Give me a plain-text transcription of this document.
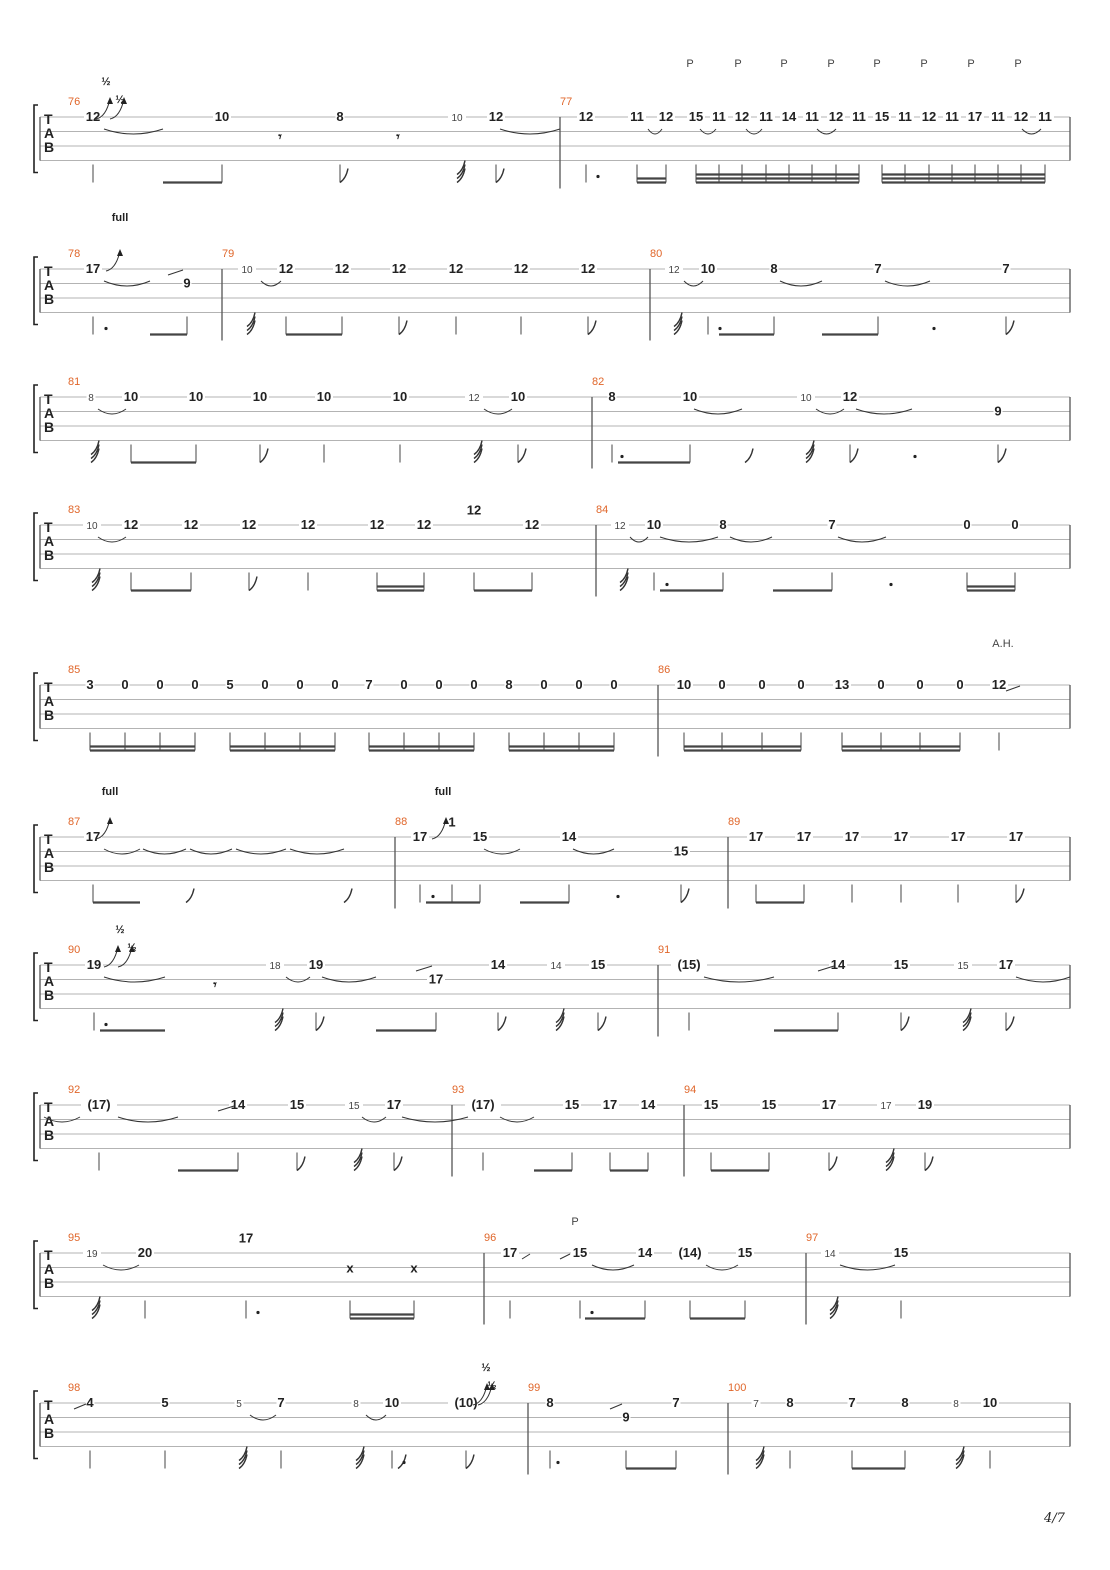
T
A
B
76	77
T
A
B
78	79	80
T
A
B
81	82
T
A
B
83	84
T
A
B
85	86
T
A
B
87	88	89
T
A
B
90	91
T
A
B
92	93	94
T
A
B
95	96	97
T
A
B
98	99	100
12	10	8	10 12	12	11 12 15 11 12 11 14 11 12 11 15 11 12 11 17 11 12 11
𝄾	𝄾
½
½
P	P	P	P	P	P	P	P
17
9
10 12	12	12	12	12	12	12 10	8	7	7
full
8 10	10	10	10	10	12 10	8	10	10 12
9
10 12	12	12	12	12	12
12
12	12 10	8	7	0	0
3 0 0 0 5 0 0 0 7 0 0 0 8 0 0 0	10 0	0 0 13 0 0	0 12
A.H.
17	17
1
15	14
15
17	17	17	17	17	17
full	full
19	18 19
17
14	14 15	(15)	14	15	15 17
𝄾
½
½
(17)	14	15	15 17	(17)	15 17 14	15	15	17	17 19
19	20
17
x	x
17	15	14 (14)	15	14	15
P
4	5	5	7	8 10	(10)	8
9
7	7 8	7	8	8 10
½
½
4/7
